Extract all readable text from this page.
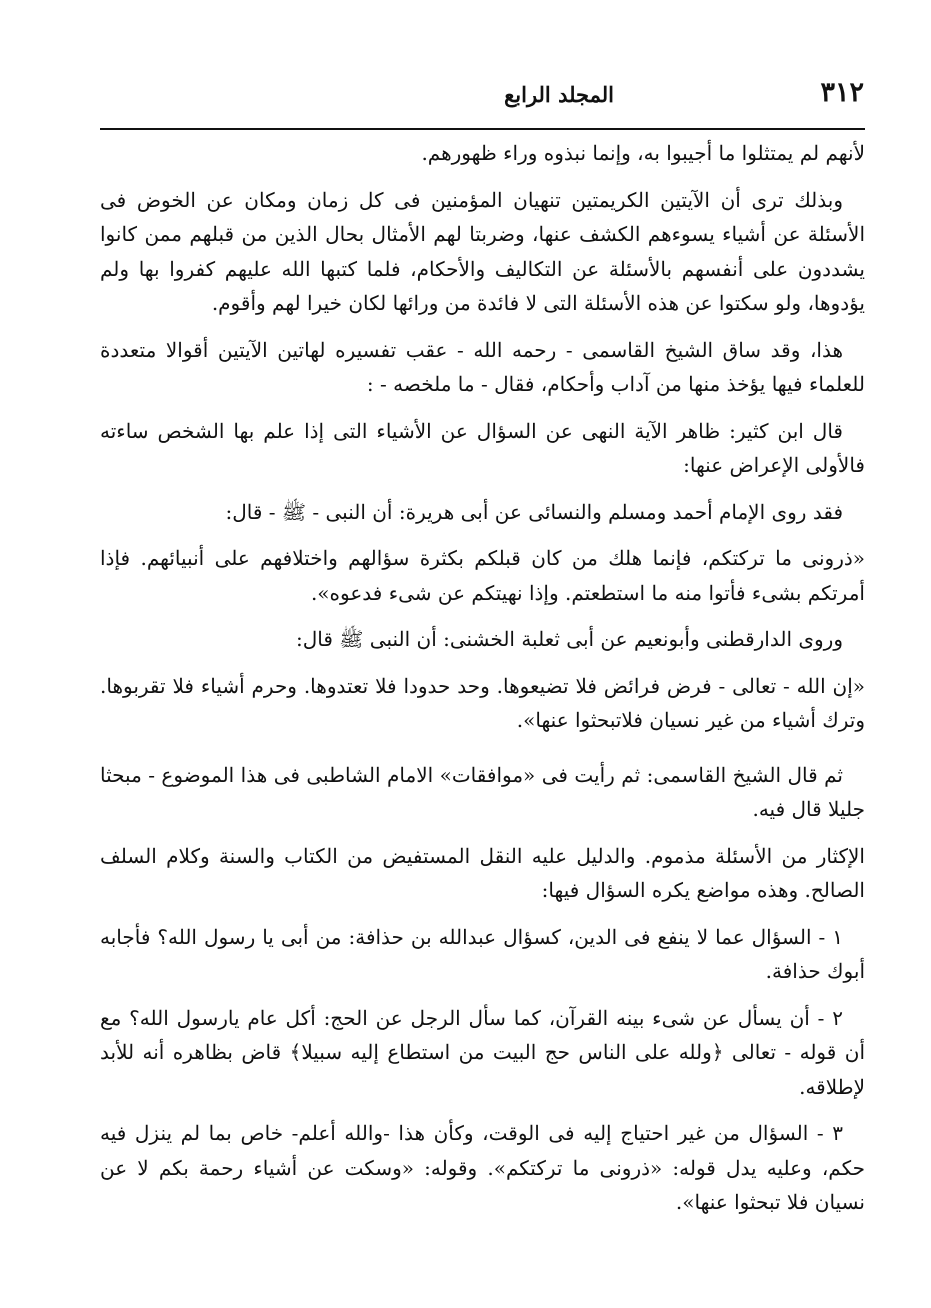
٣١٢
المجلد الرابع

لأنهم لم يمتثلوا ما أجيبوا به، وإنما نبذوه وراء ظهورهم.

وبذلك ترى أن الآيتين الكريمتين تنهيان المؤمنين فى كل زمان ومكان عن الخوض فى الأسئلة عن أشياء يسوءهم الكشف عنها، وضربتا لهم الأمثال بحال الذين من قبلهم ممن كانوا يشددون على أنفسهم بالأسئلة عن التكاليف والأحكام، فلما كتبها الله عليهم كفروا بها ولم يؤدوها، ولو سكتوا عن هذه الأسئلة التى لا فائدة من ورائها لكان خيرا لهم وأقوم.

هذا، وقد ساق الشيخ القاسمى - رحمه الله - عقب تفسيره لهاتين الآيتين أقوالا متعددة للعلماء فيها يؤخذ منها من آداب وأحكام، فقال - ما ملخصه - :

قال ابن كثير: ظاهر الآية النهى عن السؤال عن الأشياء التى إذا علم بها الشخص ساءته فالأولى الإعراض عنها:

فقد روى الإمام أحمد ومسلم والنسائى عن أبى هريرة: أن النبى - ﷺ - قال:

«ذرونى ما تركتكم، فإنما هلك من كان قبلكم بكثرة سؤالهم واختلافهم على أنبيائهم. فإذا أمرتكم بشىء فأتوا منه ما استطعتم. وإذا نهيتكم عن شىء فدعوه».

وروى الدارقطنى وأبونعيم عن أبى ثعلبة الخشنى: أن النبى ﷺ قال:

«إن الله - تعالى - فرض فرائض فلا تضيعوها. وحد حدودا فلا تعتدوها. وحرم أشياء فلا تقربوها. وترك أشياء من غير نسيان فلاتبحثوا عنها».

ثم قال الشيخ القاسمى: ثم رأيت فى «موافقات» الامام الشاطبى فى هذا الموضوع - مبحثا جليلا قال فيه.

الإكثار من الأسئلة مذموم. والدليل عليه النقل المستفيض من الكتاب والسنة وكلام السلف الصالح. وهذه مواضع يكره السؤال فيها:

١ - السؤال عما لا ينفع فى الدين، كسؤال عبدالله بن حذافة: من أبى يا رسول الله؟ فأجابه أبوك حذافة.

٢ - أن يسأل عن شىء بينه القرآن، كما سأل الرجل عن الحج: أكل عام يارسول الله؟ مع أن قوله - تعالى ﴿ولله على الناس حج البيت من استطاع إليه سبيلا﴾ قاض بظاهره أنه للأبد لإطلاقه.

٣ - السؤال من غير احتياج إليه فى الوقت، وكأن هذا -والله أعلم- خاص بما لم ينزل فيه حكم، وعليه يدل قوله: «ذرونى ما تركتكم». وقوله: «وسكت عن أشياء رحمة بكم لا عن نسيان فلا تبحثوا عنها».
